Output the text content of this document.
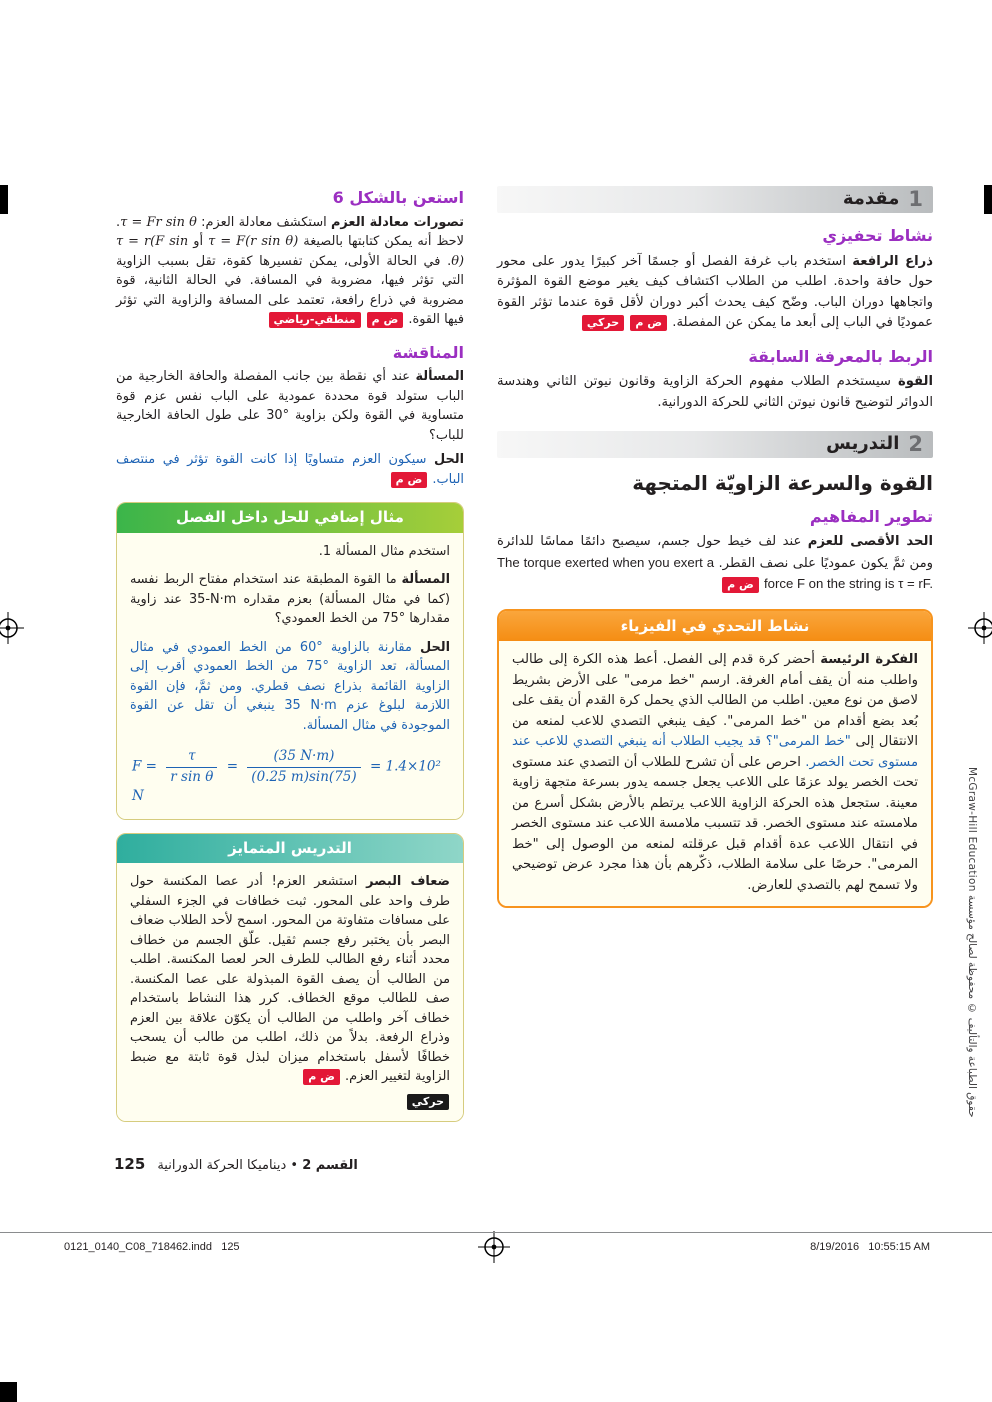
1
مقدمة
نشاط تحفيزي

ذراع الرافعة استخدم باب غرفة الفصل أو جسمًا آخر كبيرًا يدور على محور حول حافة واحدة. اطلب من الطلاب اكتشاف كيف يغير موضع القوة المؤثرة واتجاهها دوران الباب. وضّح كيف يحدث أكبر دوران لأقل قوة عندما تؤثر القوة عموديًا في الباب إلى أبعد ما يمكن عن المفصلة. ض م حركي

الربط بالمعرفة السابقة

القوة سيستخدم الطلاب مفهوم الحركة الزاوية وقانون نيوتن الثاني وهندسة الدوائر لتوضيح قانون نيوتن الثاني للحركة الدورانية.

2
التدريس
القوة والسرعة الزاويّة المتجهة
تطوير المفاهيم

الحد الأقصى للعزم عند لف خيط حول جسم، سيصبح دائمًا مماسًا للدائرة ومن ثمَّ يكون عموديًا على نصف القطر. The torque exerted when you exert a force F on the string is τ = rF. ض م

نشاط التحدي في الفيزياء

الفكرة الرئيسة أحضر كرة قدم إلى الفصل. أعط هذه الكرة إلى طالب واطلب منه أن يقف أمام الغرفة. ارسم "خط مرمى" على الأرض بشريط لاصق من نوع معين. اطلب من الطالب الذي يحمل كرة القدم أن يقف على بُعد بضع أقدام من "خط المرمى". كيف ينبغي التصدي للاعب لمنعه من الانتقال إلى "خط المرمى"؟ قد يجيب الطلاب أنه ينبغي التصدي للاعب عند مستوى تحت الخصر. احرص على أن تشرح للطلاب أن التصدي عند مستوى تحت الخصر يولد عزمًا على اللاعب يجعل جسمه يدور بسرعة متجهة زاوية معينة. ستجعل هذه الحركة الزاوية اللاعب يرتطم بالأرض بشكل أسرع من ملامسته عند مستوى الخصر. قد تتسبب ملامسة اللاعب عند مستوى الخصر في انتقال اللاعب عدة أقدام قبل عرقلته لمنعه من الوصول إلى "خط المرمى". حرصًا على سلامة الطلاب، ذكّرهم بأن هذا مجرد عرض توضيحي ولا تسمح لهم بالتصدي للعارض.

استعن بالشكل 6

تصورات معادلة العزم استكشف معادلة العزم: τ = Fr sin θ. لاحظ أنه يمكن كتابتها بالصيغة τ = F(r sin θ) أو τ = r(F sin θ). في الحالة الأولى، يمكن تفسيرها كقوة، تقل بسبب الزاوية التي تؤثر فيها، مضروبة في المسافة. في الحالة الثانية، قوة مضروبة في ذراع رافعة، تعتمد على المسافة والزاوية التي تؤثر فيها القوة. ض م منطقي-رياضي

المناقشة

المسألة عند أي نقطة بين جانب المفصلة والحافة الخارجية من الباب ستولد قوة محددة عمودية على الباب نفس عزم قوة متساوية في القوة ولكن بزاوية 30° على طول الحافة الخارجية للباب؟

الحل سيكون العزم متساويًا إذا كانت القوة تؤثر في منتصف الباب. ض م

مثال إضافي للحل داخل الفصل

استخدم مثال المسألة 1.

المسألة ما القوة المطبقة عند استخدام مفتاح الربط نفسه (كما في مثال المسألة) بعزم مقداره 35-N·m عند زاوية مقدارها 75° من الخط العمودي؟

الحل مقارنة بالزاوية 60° من الخط العمودي في مثال المسألة، تعد الزاوية 75° من الخط العمودي أقرب إلى الزاوية القائمة بذراع نصف قطري. ومن ثمَّ، فإن القوة اللازمة لبلوغ عزم 35 N·m ينبغي أن تقل عن القوة الموجودة في مثال المسألة.

$F = \frac{\tau}{\text{r sin θ}} = \frac{(35 N\cdot m)}{(0.25 m)\sin(75)} = 1.4\times 10^2$ N
التدريس المتمايز

ضعاف البصر استشعر العزم! أدر عصا المكنسة حول طرف واحد على المحور. ثبت خطافات في الجزء السفلي على مسافات متفاوتة من المحور. اسمح لأحد الطلاب ضعاف البصر بأن يختبر رفع جسم ثقيل. علّق الجسم من خطاف محدد أثناء رفع الطالب للطرف الحر لعصا المكنسة. اطلب من الطالب أن يصف القوة المبذولة على عصا المكنسة. صف للطالب موقع الخطاف. كرر هذا النشاط باستخدام خطاف آخر واطلب من الطالب أن يكوّن علاقة بين العزم وذراع الرفعة. بدلاً من ذلك، اطلب من طالب أن يسحب خطافًا لأسفل باستخدام ميزان لبذل قوة ثابتة مع ضبط الزاوية لتغيير العزم. ض م

حركي

125	القسم 2 • ديناميكا الحركة الدورانية
0121_0140_C08_718462.indd   125	8/19/2016   10:55:15 AM
حقوق الطباعة والتأليف © محفوظة لصالح مؤسسة McGraw-Hill Education
